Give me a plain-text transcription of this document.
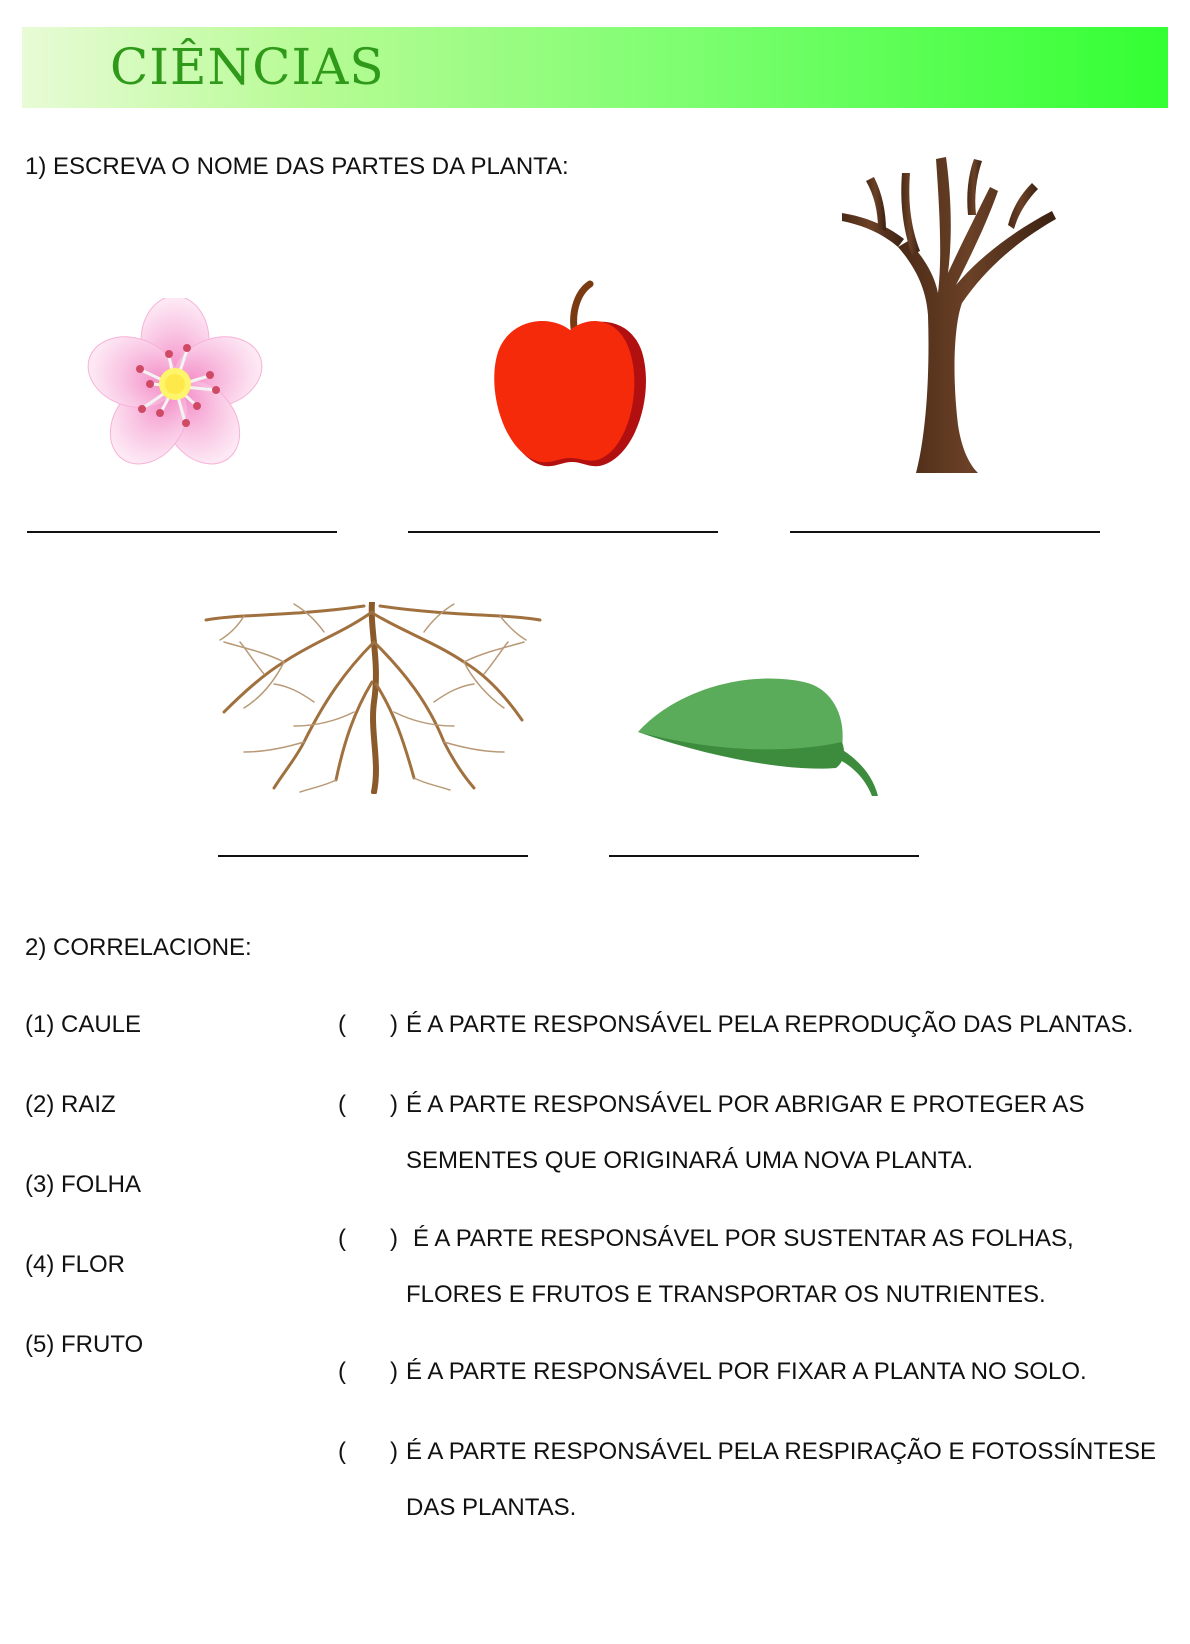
CIÊNCIAS
1) ESCREVA O NOME DAS PARTES DA PLANTA:
2) CORRELACIONE:
(1) CAULE
(2) RAIZ
(3) FOLHA
(4) FLOR
(5) FRUTO
( ) É A PARTE RESPONSÁVEL PELA REPRODUÇÃO DAS PLANTAS.
( ) É A PARTE RESPONSÁVEL POR ABRIGAR E PROTEGER AS
SEMENTES QUE ORIGINARÁ UMA NOVA PLANTA.
( ) É A PARTE RESPONSÁVEL POR SUSTENTAR AS FOLHAS,
FLORES E FRUTOS E TRANSPORTAR OS NUTRIENTES.
( ) É A PARTE RESPONSÁVEL POR FIXAR A PLANTA NO SOLO.
( ) É A PARTE RESPONSÁVEL PELA RESPIRAÇÃO E FOTOSSÍNTESE
DAS PLANTAS.
